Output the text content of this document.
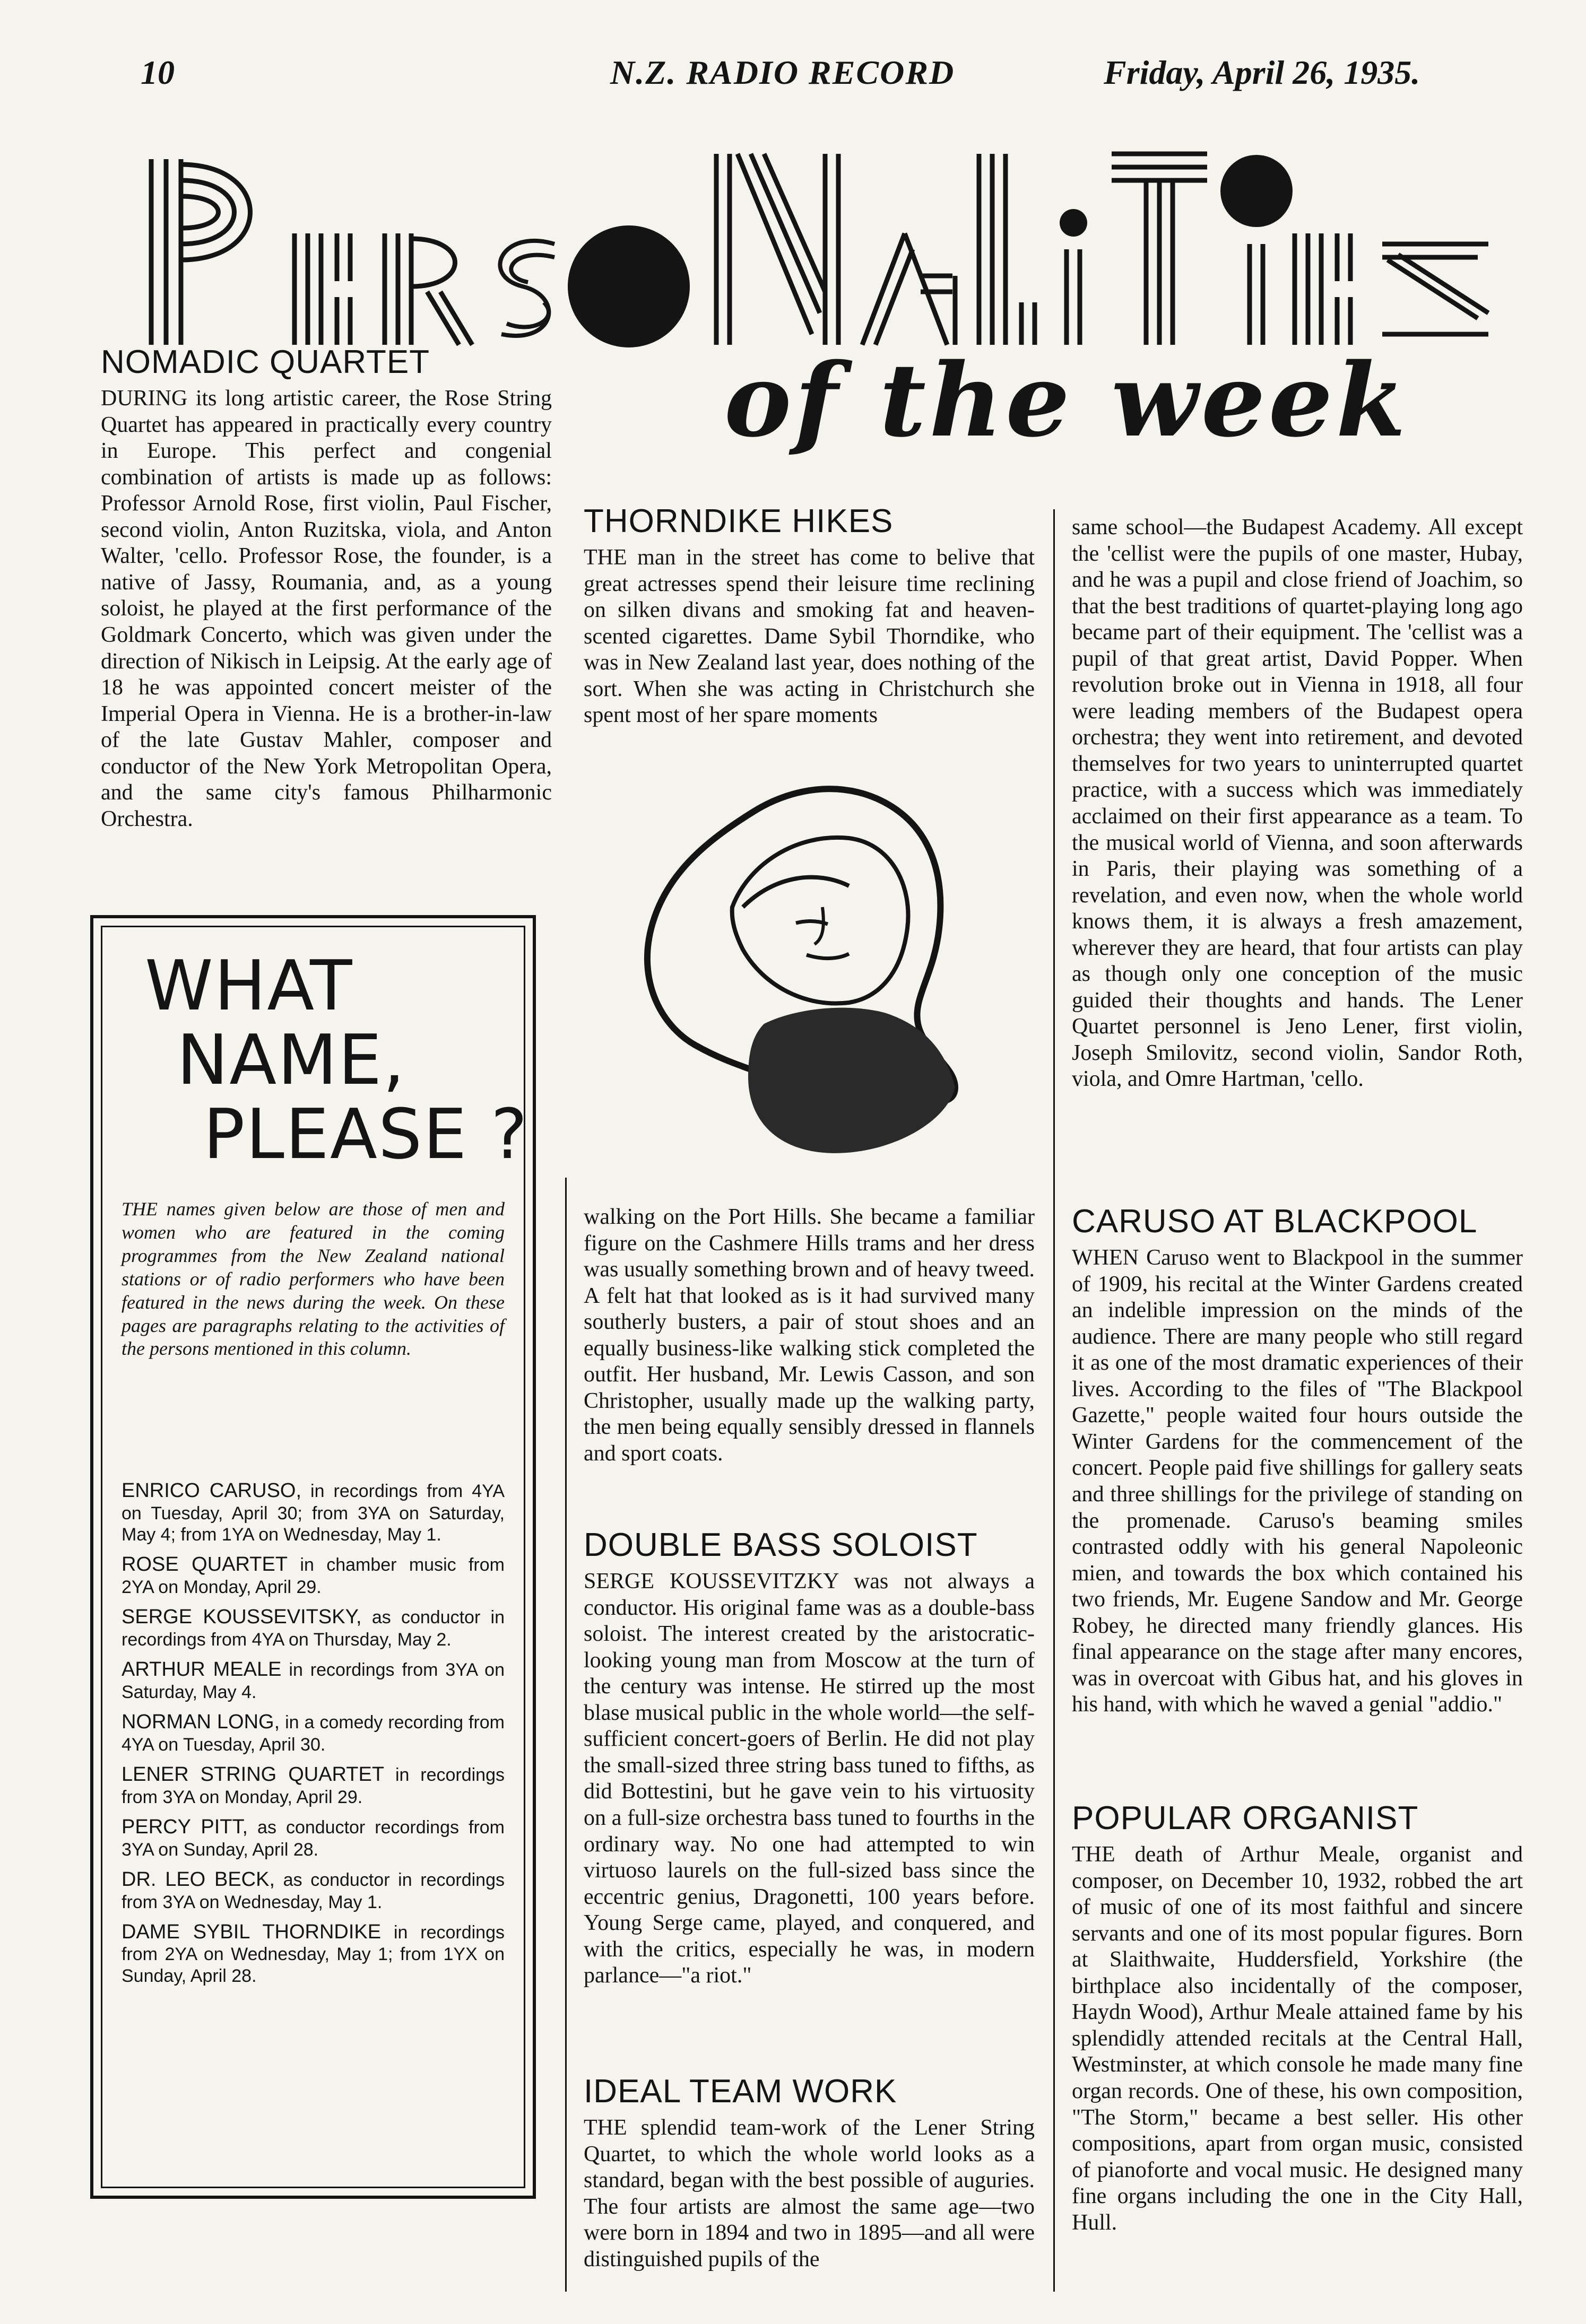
10	N.Z. RADIO RECORD	Friday, April 26, 1935.
of the week
NOMADIC QUARTET

DURING its long artistic career, the Rose String Quartet has appeared in practically every country in Europe. This perfect and congenial combination of artists is made up as follows: Professor Arnold Rose, first violin, Paul Fischer, second violin, Anton Ruzitska, viola, and Anton Walter, 'cello. Professor Rose, the founder, is a native of Jassy, Roumania, and, as a young soloist, he played at the first performance of the Goldmark Concerto, which was given under the direction of Nikisch in Leipsig. At the early age of 18 he was appointed concert meister of the Imperial Opera in Vienna. He is a brother-in-law of the late Gustav Mahler, composer and conductor of the New York Metropolitan Opera, and the same city's famous Philharmonic Orchestra.

WHAT
NAME,
PLEASE ?
THE names given below are those of men and women who are featured in the coming programmes from the New Zealand national stations or of radio performers who have been featured in the news during the week. On these pages are paragraphs relating to the activities of the persons mentioned in this column.
ENRICO CARUSO, in recordings from 4YA on Tuesday, April 30; from 3YA on Saturday, May 4; from 1YA on Wednesday, May 1.
ROSE QUARTET in chamber music from 2YA on Monday, April 29.
SERGE KOUSSEVITSKY, as conductor in recordings from 4YA on Thursday, May 2.
ARTHUR MEALE in recordings from 3YA on Saturday, May 4.
NORMAN LONG, in a comedy recording from 4YA on Tuesday, April 30.
LENER STRING QUARTET in recordings from 3YA on Monday, April 29.
PERCY PITT, as conductor recordings from 3YA on Sunday, April 28.
DR. LEO BECK, as conductor in recordings from 3YA on Wednesday, May 1.
DAME SYBIL THORNDIKE in recordings from 2YA on Wednesday, May 1; from 1YX on Sunday, April 28.
THORNDIKE HIKES

THE man in the street has come to belive that great actresses spend their leisure time reclining on silken divans and smoking fat and heaven-scented cigarettes. Dame Sybil Thorndike, who was in New Zealand last year, does nothing of the sort. When she was acting in Christchurch she spent most of her spare moments

walking on the Port Hills. She became a familiar figure on the Cashmere Hills trams and her dress was usually something brown and of heavy tweed. A felt hat that looked as is it had survived many southerly busters, a pair of stout shoes and an equally business-like walking stick completed the outfit. Her husband, Mr. Lewis Casson, and son Christopher, usually made up the walking party, the men being equally sensibly dressed in flannels and sport coats.

DOUBLE BASS SOLOIST

SERGE KOUSSEVITZKY was not always a conductor. His original fame was as a double-bass soloist. The interest created by the aristocratic-looking young man from Moscow at the turn of the century was intense. He stirred up the most blase musical public in the whole world—the self-sufficient concert-goers of Berlin. He did not play the small-sized three string bass tuned to fifths, as did Bottestini, but he gave vein to his virtuosity on a full-size orchestra bass tuned to fourths in the ordinary way. No one had attempted to win virtuoso laurels on the full-sized bass since the eccentric genius, Dragonetti, 100 years before. Young Serge came, played, and conquered, and with the critics, especially he was, in modern parlance—"a riot."

IDEAL TEAM WORK

THE splendid team-work of the Lener String Quartet, to which the whole world looks as a standard, began with the best possible of auguries. The four artists are almost the same age—two were born in 1894 and two in 1895—and all were distinguished pupils of the

same school—the Budapest Academy. All except the 'cellist were the pupils of one master, Hubay, and he was a pupil and close friend of Joachim, so that the best traditions of quartet-playing long ago became part of their equipment. The 'cellist was a pupil of that great artist, David Popper. When revolution broke out in Vienna in 1918, all four were leading members of the Budapest opera orchestra; they went into retirement, and devoted themselves for two years to uninterrupted quartet practice, with a success which was immediately acclaimed on their first appearance as a team. To the musical world of Vienna, and soon afterwards in Paris, their playing was something of a revelation, and even now, when the whole world knows them, it is always a fresh amazement, wherever they are heard, that four artists can play as though only one conception of the music guided their thoughts and hands. The Lener Quartet personnel is Jeno Lener, first violin, Joseph Smilovitz, second violin, Sandor Roth, viola, and Omre Hartman, 'cello.

CARUSO AT BLACKPOOL

WHEN Caruso went to Blackpool in the summer of 1909, his recital at the Winter Gardens created an indelible impression on the minds of the audience. There are many people who still regard it as one of the most dramatic experiences of their lives. According to the files of "The Blackpool Gazette," people waited four hours outside the Winter Gardens for the commencement of the concert. People paid five shillings for gallery seats and three shillings for the privilege of standing on the promenade. Caruso's beaming smiles contrasted oddly with his general Napoleonic mien, and towards the box which contained his two friends, Mr. Eugene Sandow and Mr. George Robey, he directed many friendly glances. His final appearance on the stage after many encores, was in overcoat with Gibus hat, and his gloves in his hand, with which he waved a genial "addio."

POPULAR ORGANIST

THE death of Arthur Meale, organist and composer, on December 10, 1932, robbed the art of music of one of its most faithful and sincere servants and one of its most popular figures. Born at Slaithwaite, Huddersfield, Yorkshire (the birthplace also incidentally of the composer, Haydn Wood), Arthur Meale attained fame by his splendidly attended recitals at the Central Hall, Westminster, at which console he made many fine organ records. One of these, his own composition, "The Storm," became a best seller. His other compositions, apart from organ music, consisted of pianoforte and vocal music. He designed many fine organs including the one in the City Hall, Hull.
